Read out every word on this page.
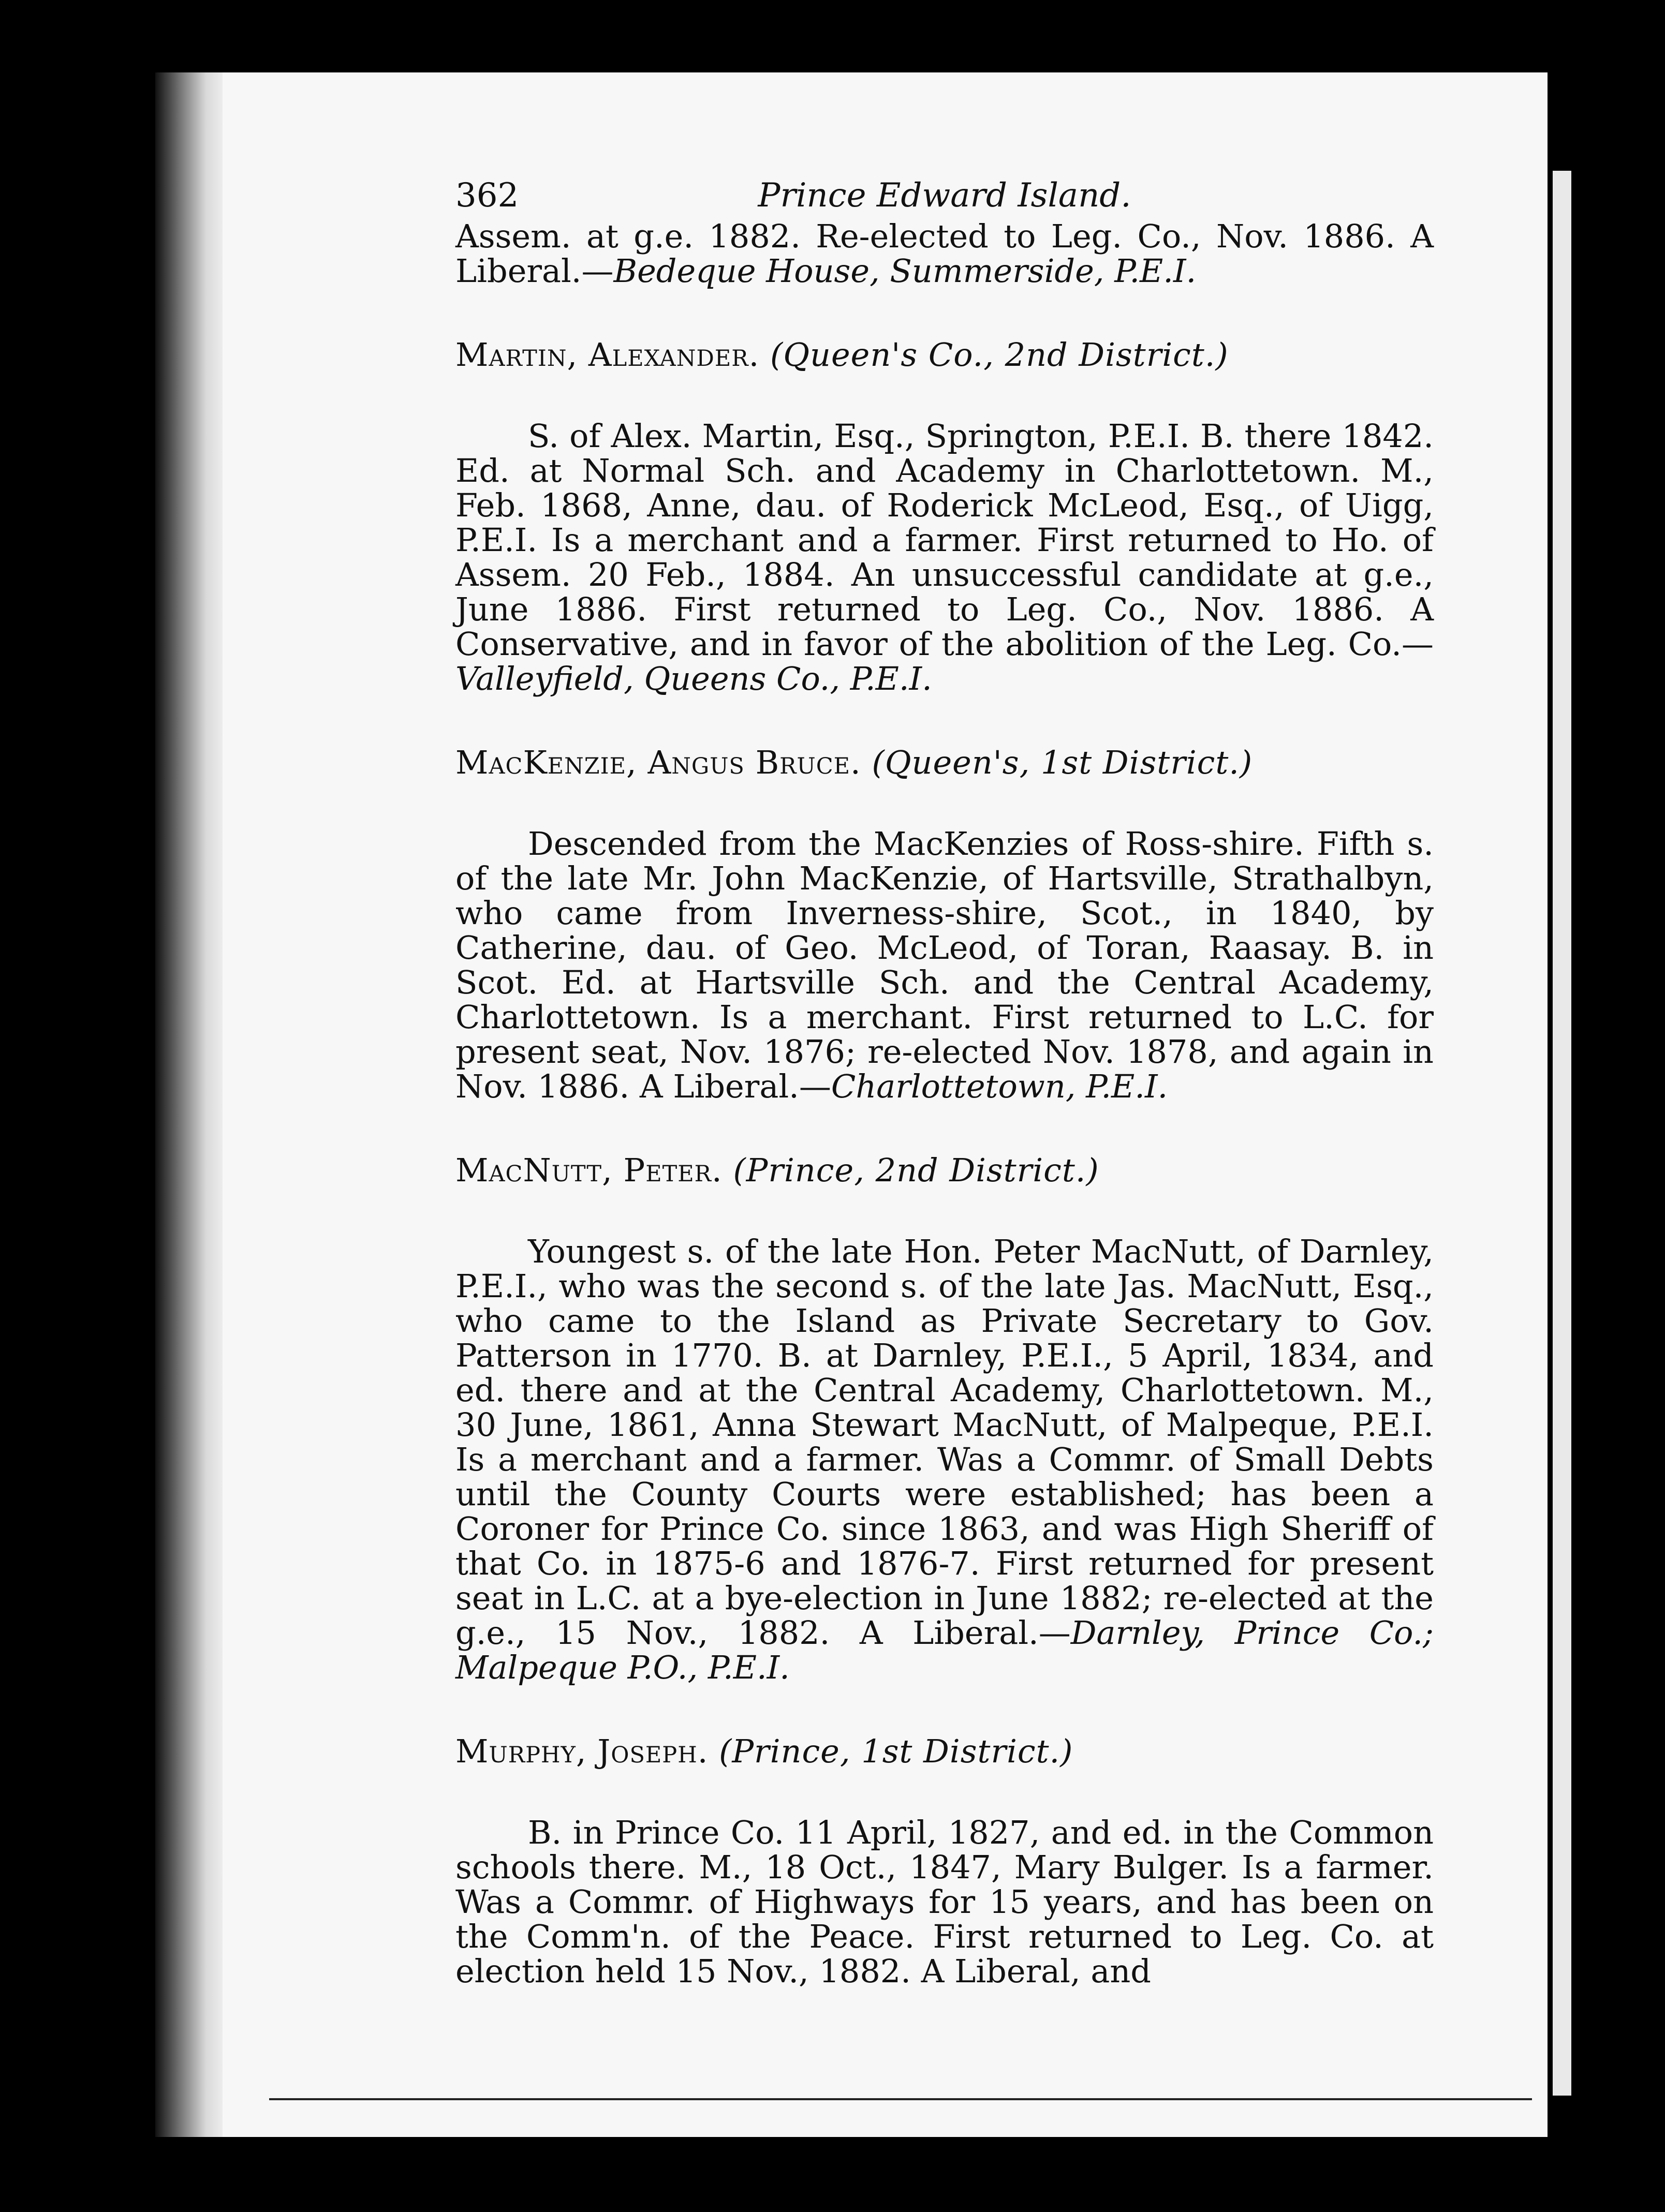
362	Prince Edward Island.

Assem. at g.e. 1882. Re-elected to Leg. Co., Nov. 1886. A Liberal.—Bedeque House, Summerside, P.E.I.

Martin, Alexander. (Queen's Co., 2nd District.)

S. of Alex. Martin, Esq., Springton, P.E.I. B. there 1842. Ed. at Normal Sch. and Academy in Charlottetown. M., Feb. 1868, Anne, dau. of Roderick McLeod, Esq., of Uigg, P.E.I. Is a merchant and a farmer. First returned to Ho. of Assem. 20 Feb., 1884. An unsuccessful candidate at g.e., June 1886. First returned to Leg. Co., Nov. 1886. A Conservative, and in favor of the abolition of the Leg. Co.—Valleyfield, Queens Co., P.E.I.

MacKenzie, Angus Bruce. (Queen's, 1st District.)

Descended from the MacKenzies of Ross-shire. Fifth s. of the late Mr. John MacKenzie, of Hartsville, Strathalbyn, who came from Inverness-shire, Scot., in 1840, by Catherine, dau. of Geo. McLeod, of Toran, Raasay. B. in Scot. Ed. at Hartsville Sch. and the Central Academy, Charlottetown. Is a merchant. First returned to L.C. for present seat, Nov. 1876; re-elected Nov. 1878, and again in Nov. 1886. A Liberal.—Charlottetown, P.E.I.

MacNutt, Peter. (Prince, 2nd District.)

Youngest s. of the late Hon. Peter MacNutt, of Darnley, P.E.I., who was the second s. of the late Jas. MacNutt, Esq., who came to the Island as Private Secretary to Gov. Patterson in 1770. B. at Darnley, P.E.I., 5 April, 1834, and ed. there and at the Central Academy, Charlottetown. M., 30 June, 1861, Anna Stewart MacNutt, of Malpeque, P.E.I. Is a merchant and a farmer. Was a Commr. of Small Debts until the County Courts were established; has been a Coroner for Prince Co. since 1863, and was High Sheriff of that Co. in 1875-6 and 1876-7. First returned for present seat in L.C. at a bye-election in June 1882; re-elected at the g.e., 15 Nov., 1882. A Liberal.—Darnley, Prince Co.; Malpeque P.O., P.E.I.

Murphy, Joseph. (Prince, 1st District.)

B. in Prince Co. 11 April, 1827, and ed. in the Common schools there. M., 18 Oct., 1847, Mary Bulger. Is a farmer. Was a Commr. of Highways for 15 years, and has been on the Comm'n. of the Peace. First returned to Leg. Co. at election held 15 Nov., 1882. A Liberal, and
